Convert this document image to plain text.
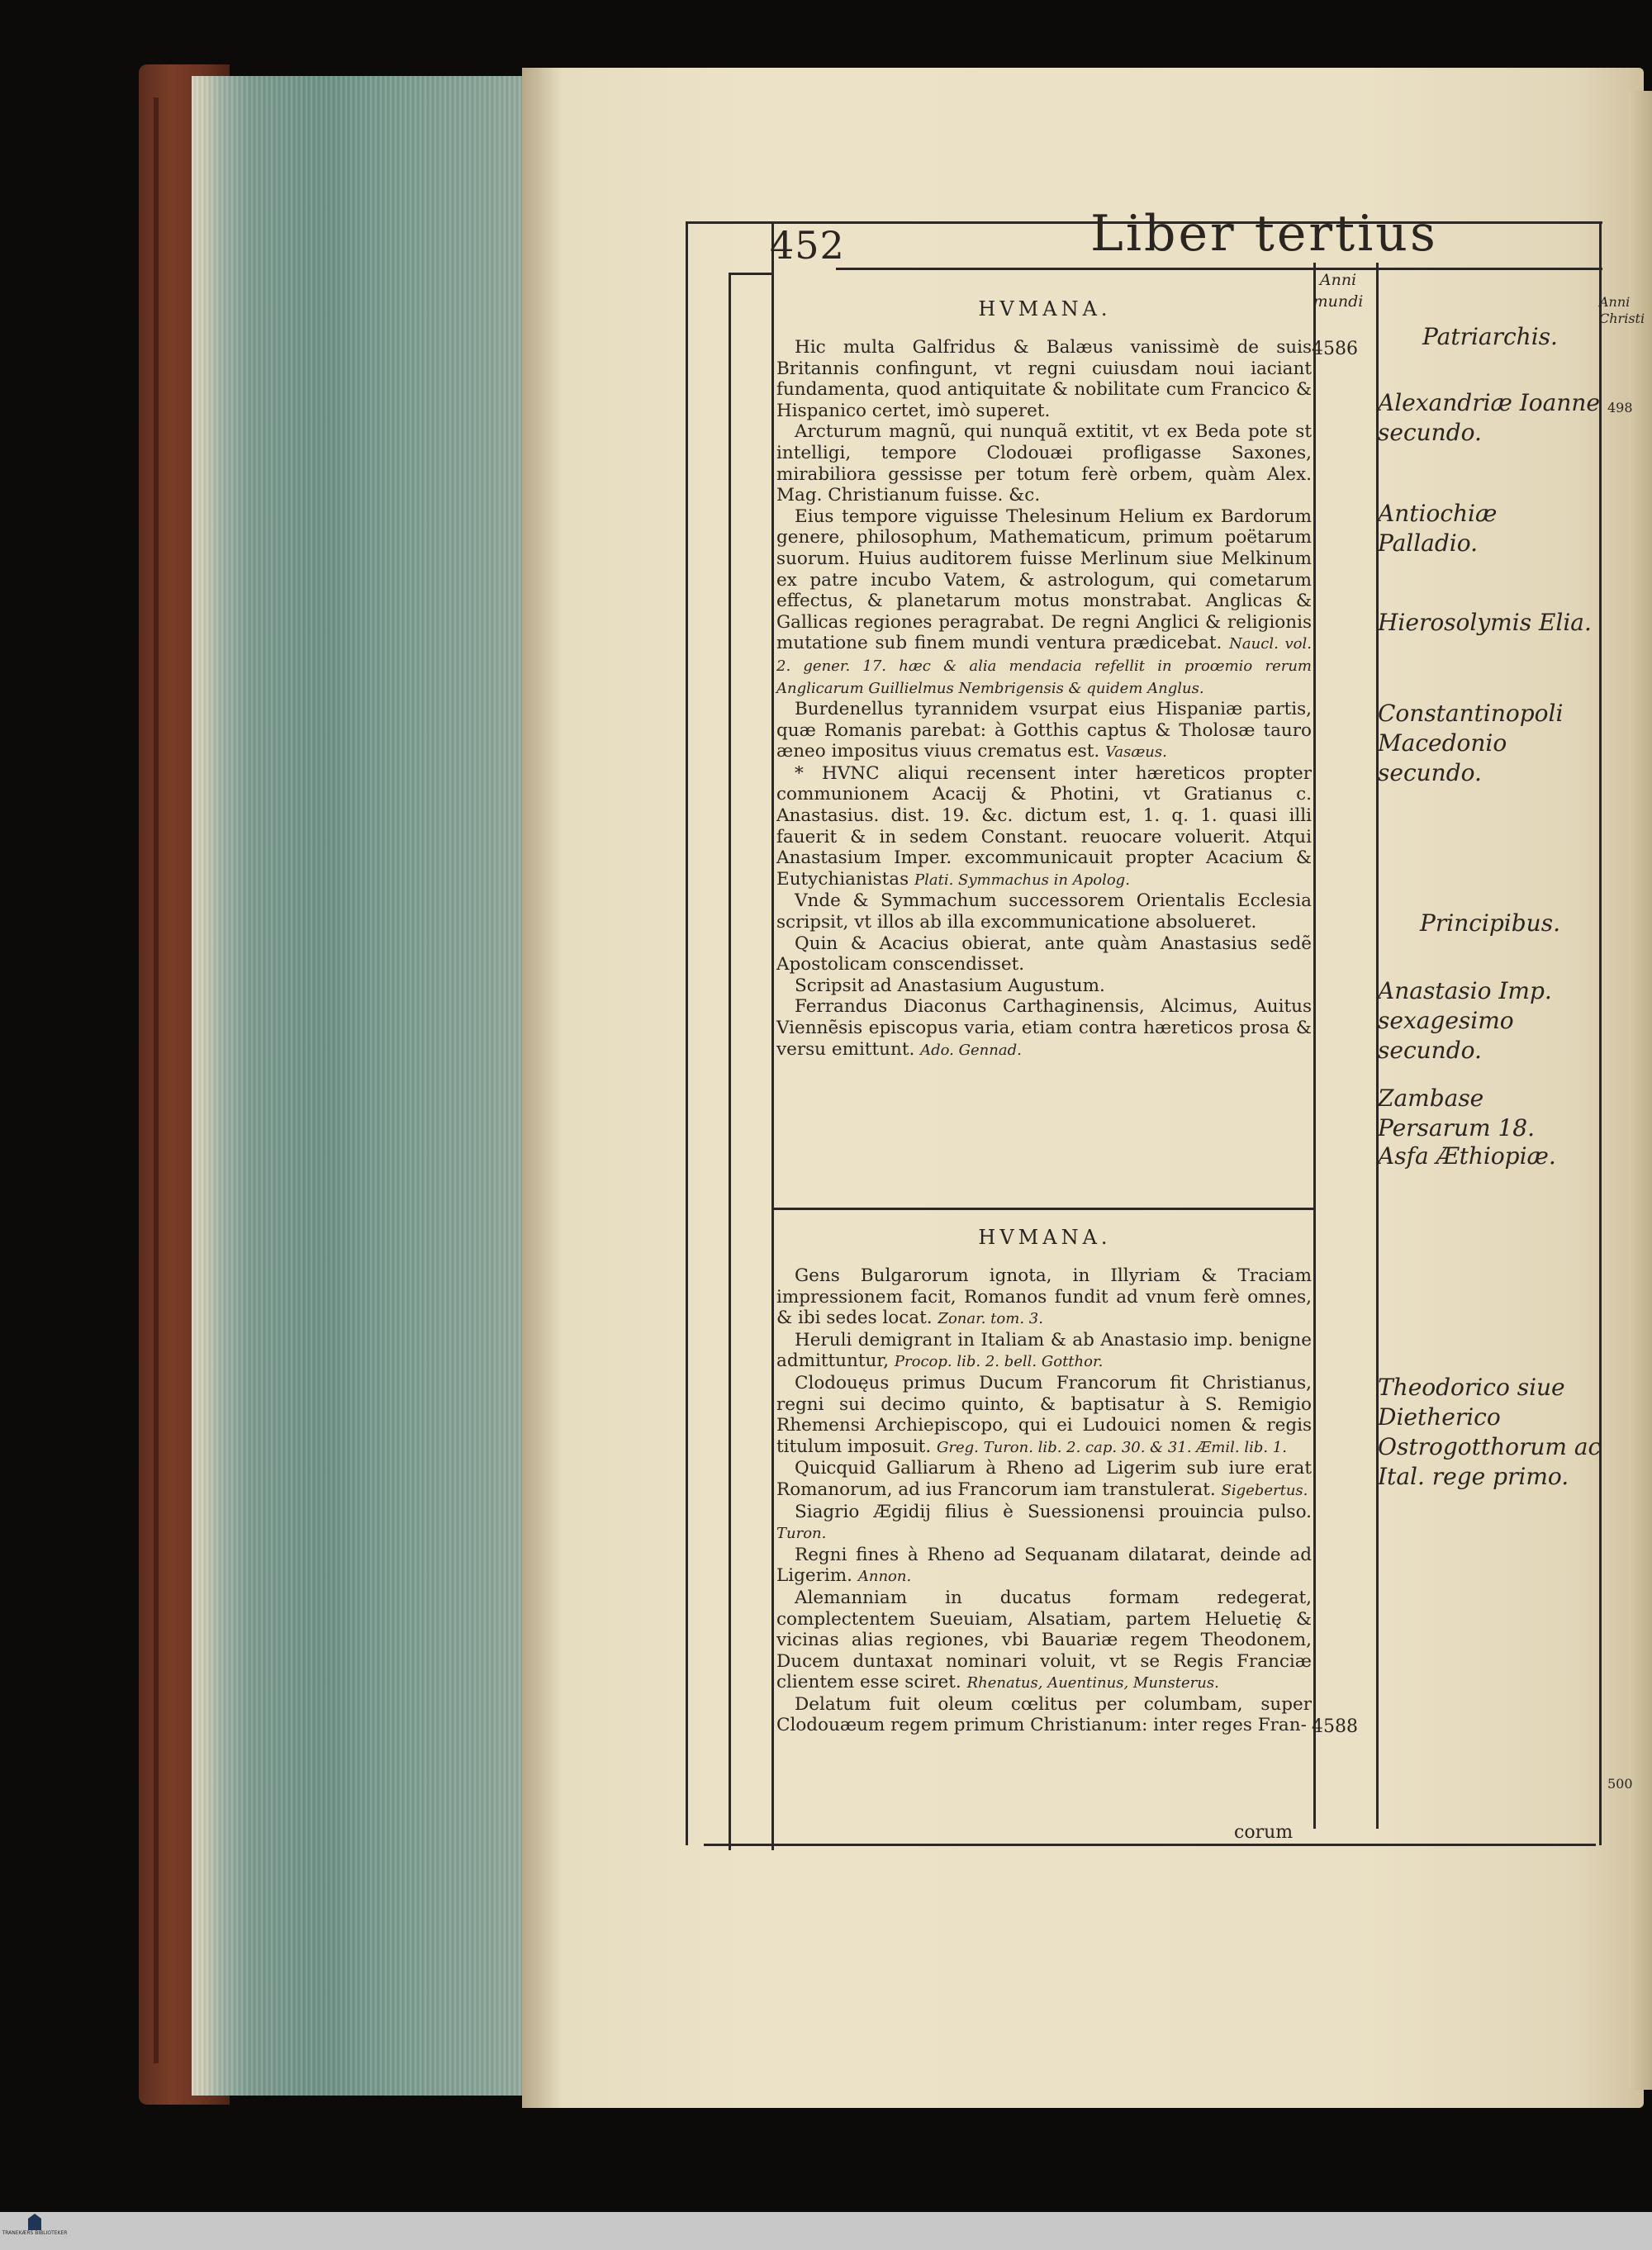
452	Liber tertius
Anni mundi	Anni Christi
HVMANA.
4586

Hic multa Galfridus & Balæus vanissimè de suis Britannis confingunt, vt regni cuiusdam noui iaciant fundamenta, quod antiquitate & nobilitate cum Francico & Hispanico certet, imò superet.

Arcturum magnũ, qui nunquã extitit, vt ex Beda pote st intelligi, tempore Clodouæi profligasse Saxones, mirabiliora gessisse per totum ferè orbem, quàm Alex. Mag. Christianum fuisse. &c.

Eius tempore viguisse Thelesinum Helium ex Bardorum genere, philosophum, Mathematicum, primum poëtarum suorum. Huius auditorem fuisse Merlinum siue Melkinum ex patre incubo Vatem, & astrologum, qui cometarum effectus, & planetarum motus monstrabat. Anglicas & Gallicas regiones peragrabat. De regni Anglici & religionis mutatione sub finem mundi ventura prædicebat. Naucl. vol. 2. gener. 17. hæc & alia mendacia refellit in proœmio rerum Anglicarum Guillielmus Nembrigensis & quidem Anglus.

Burdenellus tyrannidem vsurpat eius Hispaniæ partis, quæ Romanis parebat: à Gotthis captus & Tholosæ tauro æneo impositus viuus crematus est. Vasæus.

* HVNC aliqui recensent inter hæreticos propter communionem Acacij & Photini, vt Gratianus c. Anastasius. dist. 19. &c. dictum est, 1. q. 1. quasi illi fauerit & in sedem Constant. reuocare voluerit. Atqui Anastasium Imper. excommunicauit propter Acacium & Eutychianistas Plati. Symmachus in Apolog.

Vnde & Symmachum successorem Orientalis Ecclesia scripsit, vt illos ab illa excommunicatione absolueret.

Quin & Acacius obierat, ante quàm Anastasius sedẽ Apostolicam conscendisset.

Scripsit ad Anastasium Augustum.

Ferrandus Diaconus Carthaginensis, Alcimus, Auitus Viennẽsis episcopus varia, etiam contra hæreticos prosa & versu emittunt. Ado. Gennad.

HVMANA.
4588

Gens Bulgarorum ignota, in Illyriam & Traciam impressionem facit, Romanos fundit ad vnum ferè omnes, & ibi sedes locat. Zonar. tom. 3.

Heruli demigrant in Italiam & ab Anastasio imp. benigne admittuntur, Procop. lib. 2. bell. Gotthor.

Clodouęus primus Ducum Francorum fit Christianus, regni sui decimo quinto, & baptisatur à S. Remigio Rhemensi Archiepiscopo, qui ei Ludouici nomen & regis titulum imposuit. Greg. Turon. lib. 2. cap. 30. & 31. Æmil. lib. 1.

Quicquid Galliarum à Rheno ad Ligerim sub iure erat Romanorum, ad ius Francorum iam transtulerat. Sigebertus.

Siagrio Ægidij filius è Suessionensi prouincia pulso. Turon.

Regni fines à Rheno ad Sequanam dilatarat, deinde ad Ligerim. Annon.

Alemanniam in ducatus formam redegerat, complectentem Sueuiam, Alsatiam, partem Heluetię & vicinas alias regiones, vbi Bauariæ regem Theodonem, Ducem duntaxat nominari voluit, vt se Regis Franciæ clientem esse sciret. Rhenatus, Auentinus, Munsterus.

Delatum fuit oleum cœlitus per columbam, super Clodouæum regem primum Christianum: inter reges Fran-

corum
Patriarchis.
Alexandriæ Ioanne secundo.
Antiochiæ Palladio.
Hierosolymis Elia.
Constantinopoli Macedonio secundo.
Principibus.
Anastasio Imp. sexagesimo secundo.
Zambase Persarum 18.
Asfa Æthiopiæ.
Theodorico siue Dietherico Ostrogotthorum ac Ital. rege primo.
498
500
TRANEKÆRS BIBLIOTEKER
